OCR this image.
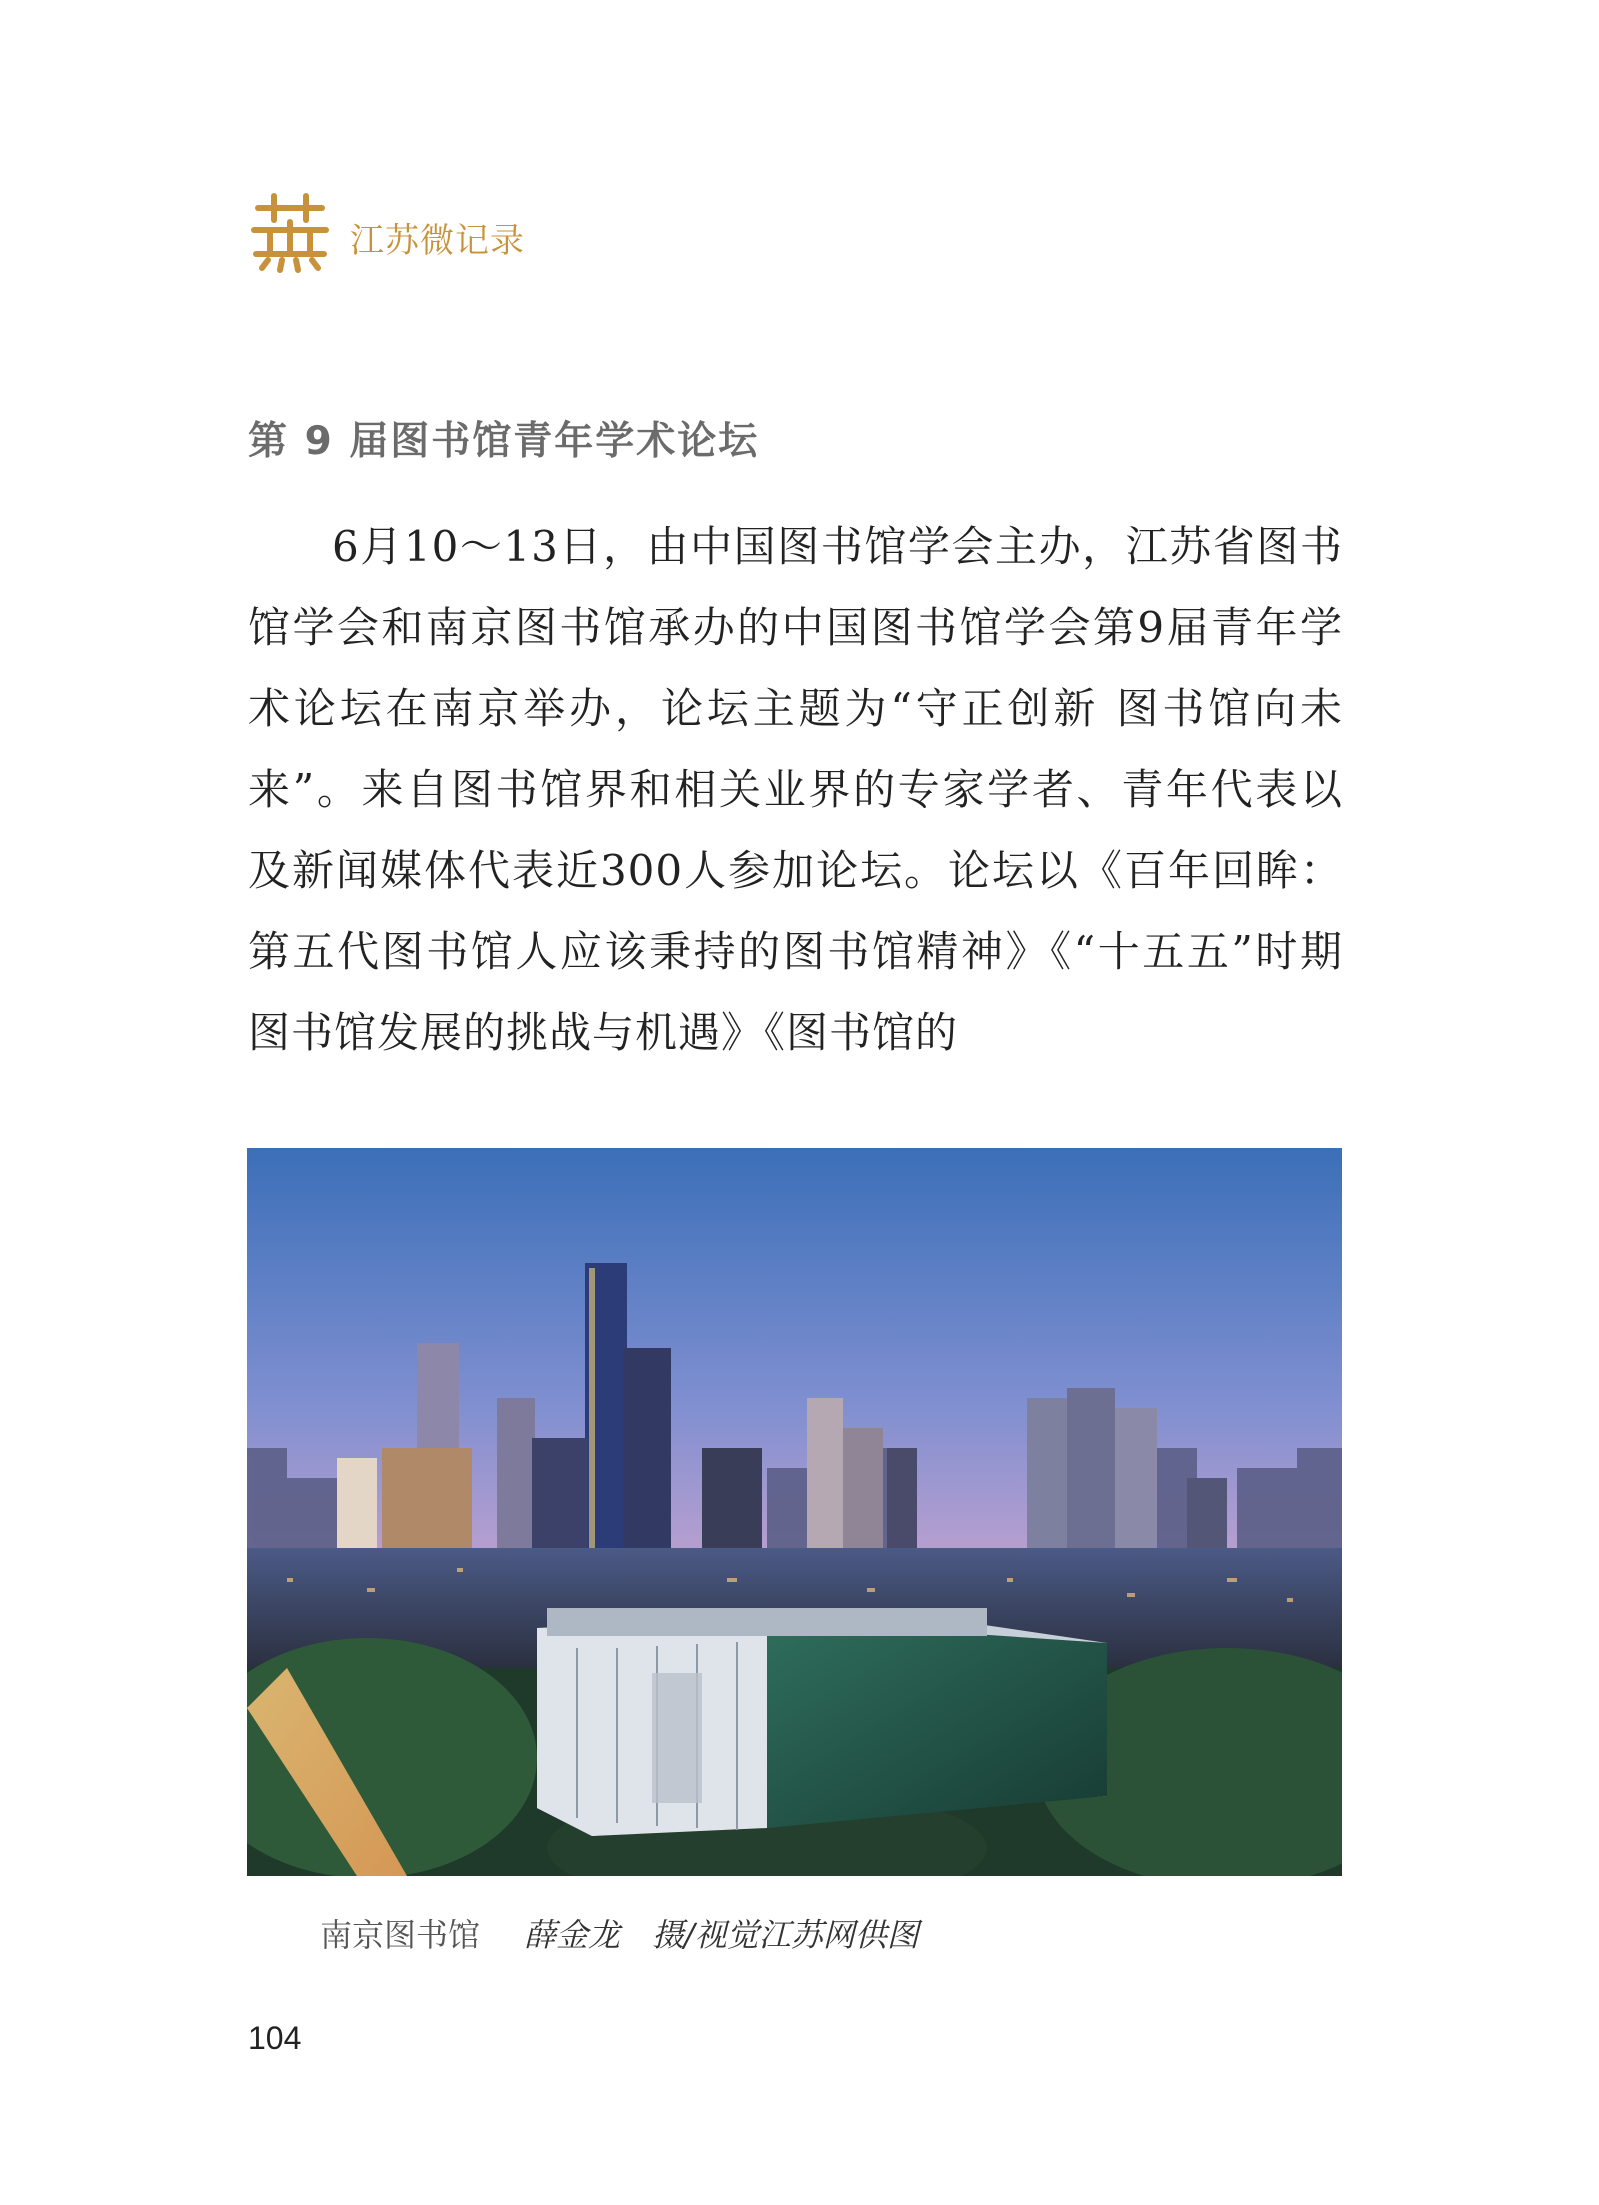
江苏微记录
第 9 届图书馆青年学术论坛
6月10～13日，由中国图书馆学会主办，江苏省图书馆学会和南京图书馆承办的中国图书馆学会第9届青年学术论坛在南京举办，论坛主题为“守正创新 图书馆向未来”。来自图书馆界和相关业界的专家学者、青年代表以及新闻媒体代表近300人参加论坛。论坛以《百年回眸：第五代图书馆人应该秉持的图书馆精神》《“十五五”时期图书馆发展的挑战与机遇》《图书馆的
南京图书馆 薛金龙　摄/视觉江苏网供图
104
